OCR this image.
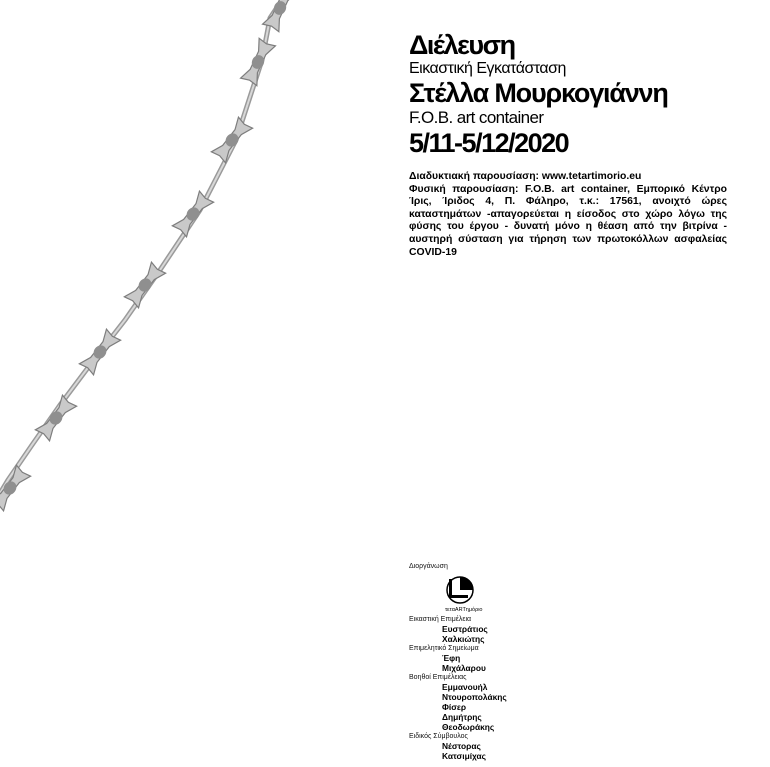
Διέλευση
Εικαστική Εγκατάσταση
Στέλλα Μουρκογιάννη
F.O.B. art container
5/11-5/12/2020

Διαδυκτιακή παρουσίαση: www.tetartimorio.eu

Φυσική παρουσίαση: F.O.B. art container, Εμπορικό Κέντρο Ίρις, Ίριδος 4, Π. Φάληρο, τ.κ.: 17561, ανοιχτό ώρες καταστημάτων -απαγορεύεται η είσοδος στο χώρο λόγω της φύσης του έργου - δυνατή μόνο η θέαση από την βιτρίνα - αυστηρή σύσταση για τήρηση των πρωτοκόλλων ασφαλείας COVID-19

Διοργάνωση
τεταARTημόριο
Εικαστική Επιμέλεια
Ευστράτιος
Χαλκιώτης
Επιμελητικό Σημείωμα
Έφη
Μιχάλαρου
Βοηθοί Επιμέλειας
Εμμανουήλ
Ντουροπολάκης
Φίσερ
Δημήτρης
Θεοδωράκης
Ειδικός Σύμβουλος
Νέστορας
Κατσιμίχας
